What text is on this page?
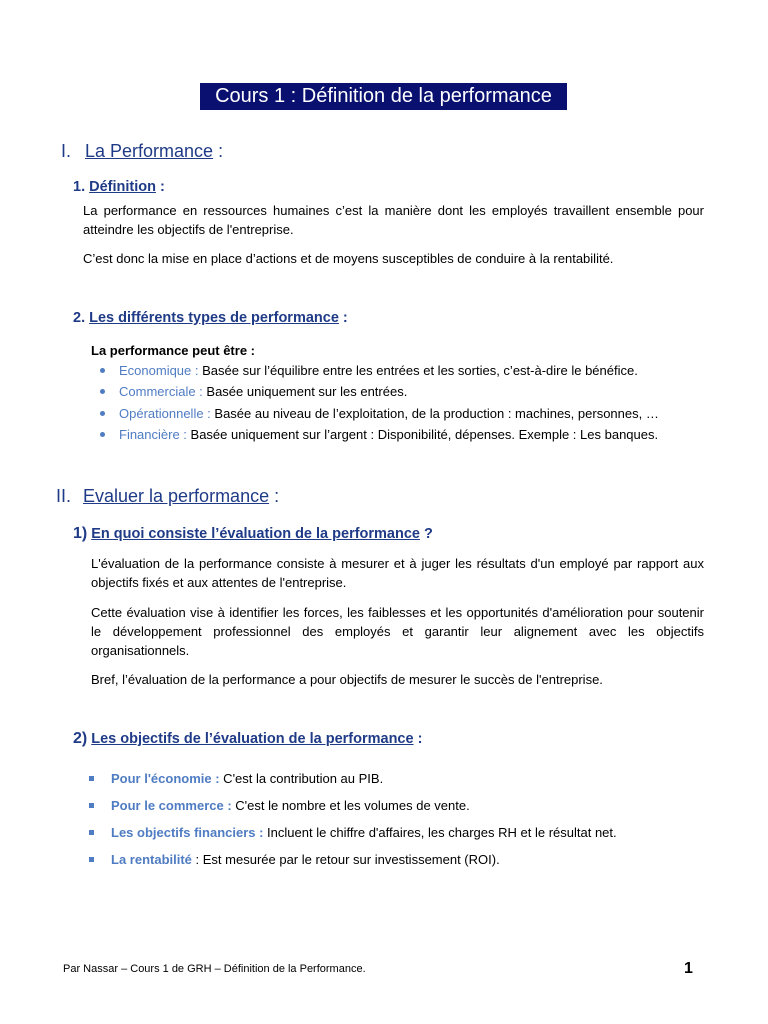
Cours 1 : Définition de la performance
I. La Performance :
1. Définition :
La performance en ressources humaines c’est la manière dont les employés travaillent ensemble pour atteindre les objectifs de l'entreprise.
C’est donc la mise en place d’actions et de moyens susceptibles de conduire à la rentabilité.
2. Les différents types de performance :
La performance peut être :
Economique : Basée sur l’équilibre entre les entrées et les sorties, c’est-à-dire le bénéfice.
Commerciale : Basée uniquement sur les entrées.
Opérationnelle : Basée au niveau de l’exploitation, de la production : machines, personnes, …
Financière : Basée uniquement sur l’argent : Disponibilité, dépenses. Exemple : Les banques.
II. Evaluer la performance :
1) En quoi consiste l’évaluation de la performance ?
L'évaluation de la performance consiste à mesurer et à juger les résultats d'un employé par rapport aux objectifs fixés et aux attentes de l'entreprise.
Cette évaluation vise à identifier les forces, les faiblesses et les opportunités d'amélioration pour soutenir le développement professionnel des employés et garantir leur alignement avec les objectifs organisationnels.
Bref, l’évaluation de la performance a pour objectifs de mesurer le succès de l'entreprise.
2) Les objectifs de l’évaluation de la performance :
Pour l'économie : C'est la contribution au PIB.
Pour le commerce : C'est le nombre et les volumes de vente.
Les objectifs financiers : Incluent le chiffre d'affaires, les charges RH et le résultat net.
La rentabilité : Est mesurée par le retour sur investissement (ROI).
Par Nassar – Cours 1 de GRH – Définition de la Performance.	1
